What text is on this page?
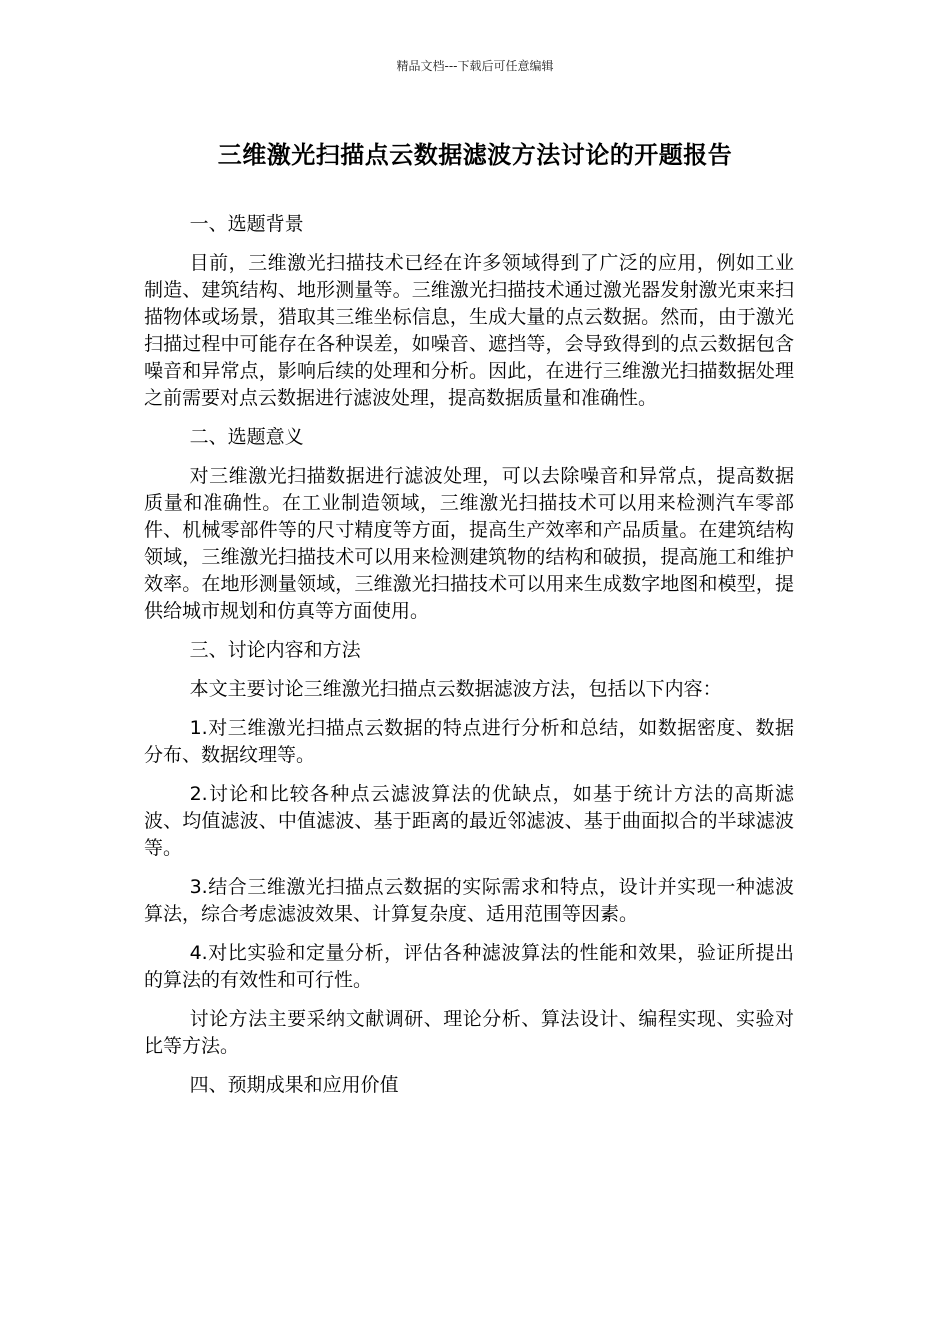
精品文档---下载后可任意编辑
三维激光扫描点云数据滤波方法讨论的开题报告
一、选题背景

目前，三维激光扫描技术已经在许多领域得到了广泛的应用，例如工业制造、建筑结构、地形测量等。三维激光扫描技术通过激光器发射激光束来扫描物体或场景，猎取其三维坐标信息，生成大量的点云数据。然而，由于激光扫描过程中可能存在各种误差，如噪音、遮挡等，会导致得到的点云数据包含噪音和异常点，影响后续的处理和分析。因此，在进行三维激光扫描数据处理之前需要对点云数据进行滤波处理，提高数据质量和准确性。

二、选题意义

对三维激光扫描数据进行滤波处理，可以去除噪音和异常点，提高数据质量和准确性。在工业制造领域，三维激光扫描技术可以用来检测汽车零部件、机械零部件等的尺寸精度等方面，提高生产效率和产品质量。在建筑结构领域，三维激光扫描技术可以用来检测建筑物的结构和破损，提高施工和维护效率。在地形测量领域，三维激光扫描技术可以用来生成数字地图和模型，提供给城市规划和仿真等方面使用。

三、讨论内容和方法

本文主要讨论三维激光扫描点云数据滤波方法，包括以下内容：

1.对三维激光扫描点云数据的特点进行分析和总结，如数据密度、数据分布、数据纹理等。

2.讨论和比较各种点云滤波算法的优缺点，如基于统计方法的高斯滤波、均值滤波、中值滤波、基于距离的最近邻滤波、基于曲面拟合的半球滤波等。

3.结合三维激光扫描点云数据的实际需求和特点，设计并实现一种滤波算法，综合考虑滤波效果、计算复杂度、适用范围等因素。

4.对比实验和定量分析，评估各种滤波算法的性能和效果，验证所提出的算法的有效性和可行性。

讨论方法主要采纳文献调研、理论分析、算法设计、编程实现、实验对比等方法。

四、预期成果和应用价值
